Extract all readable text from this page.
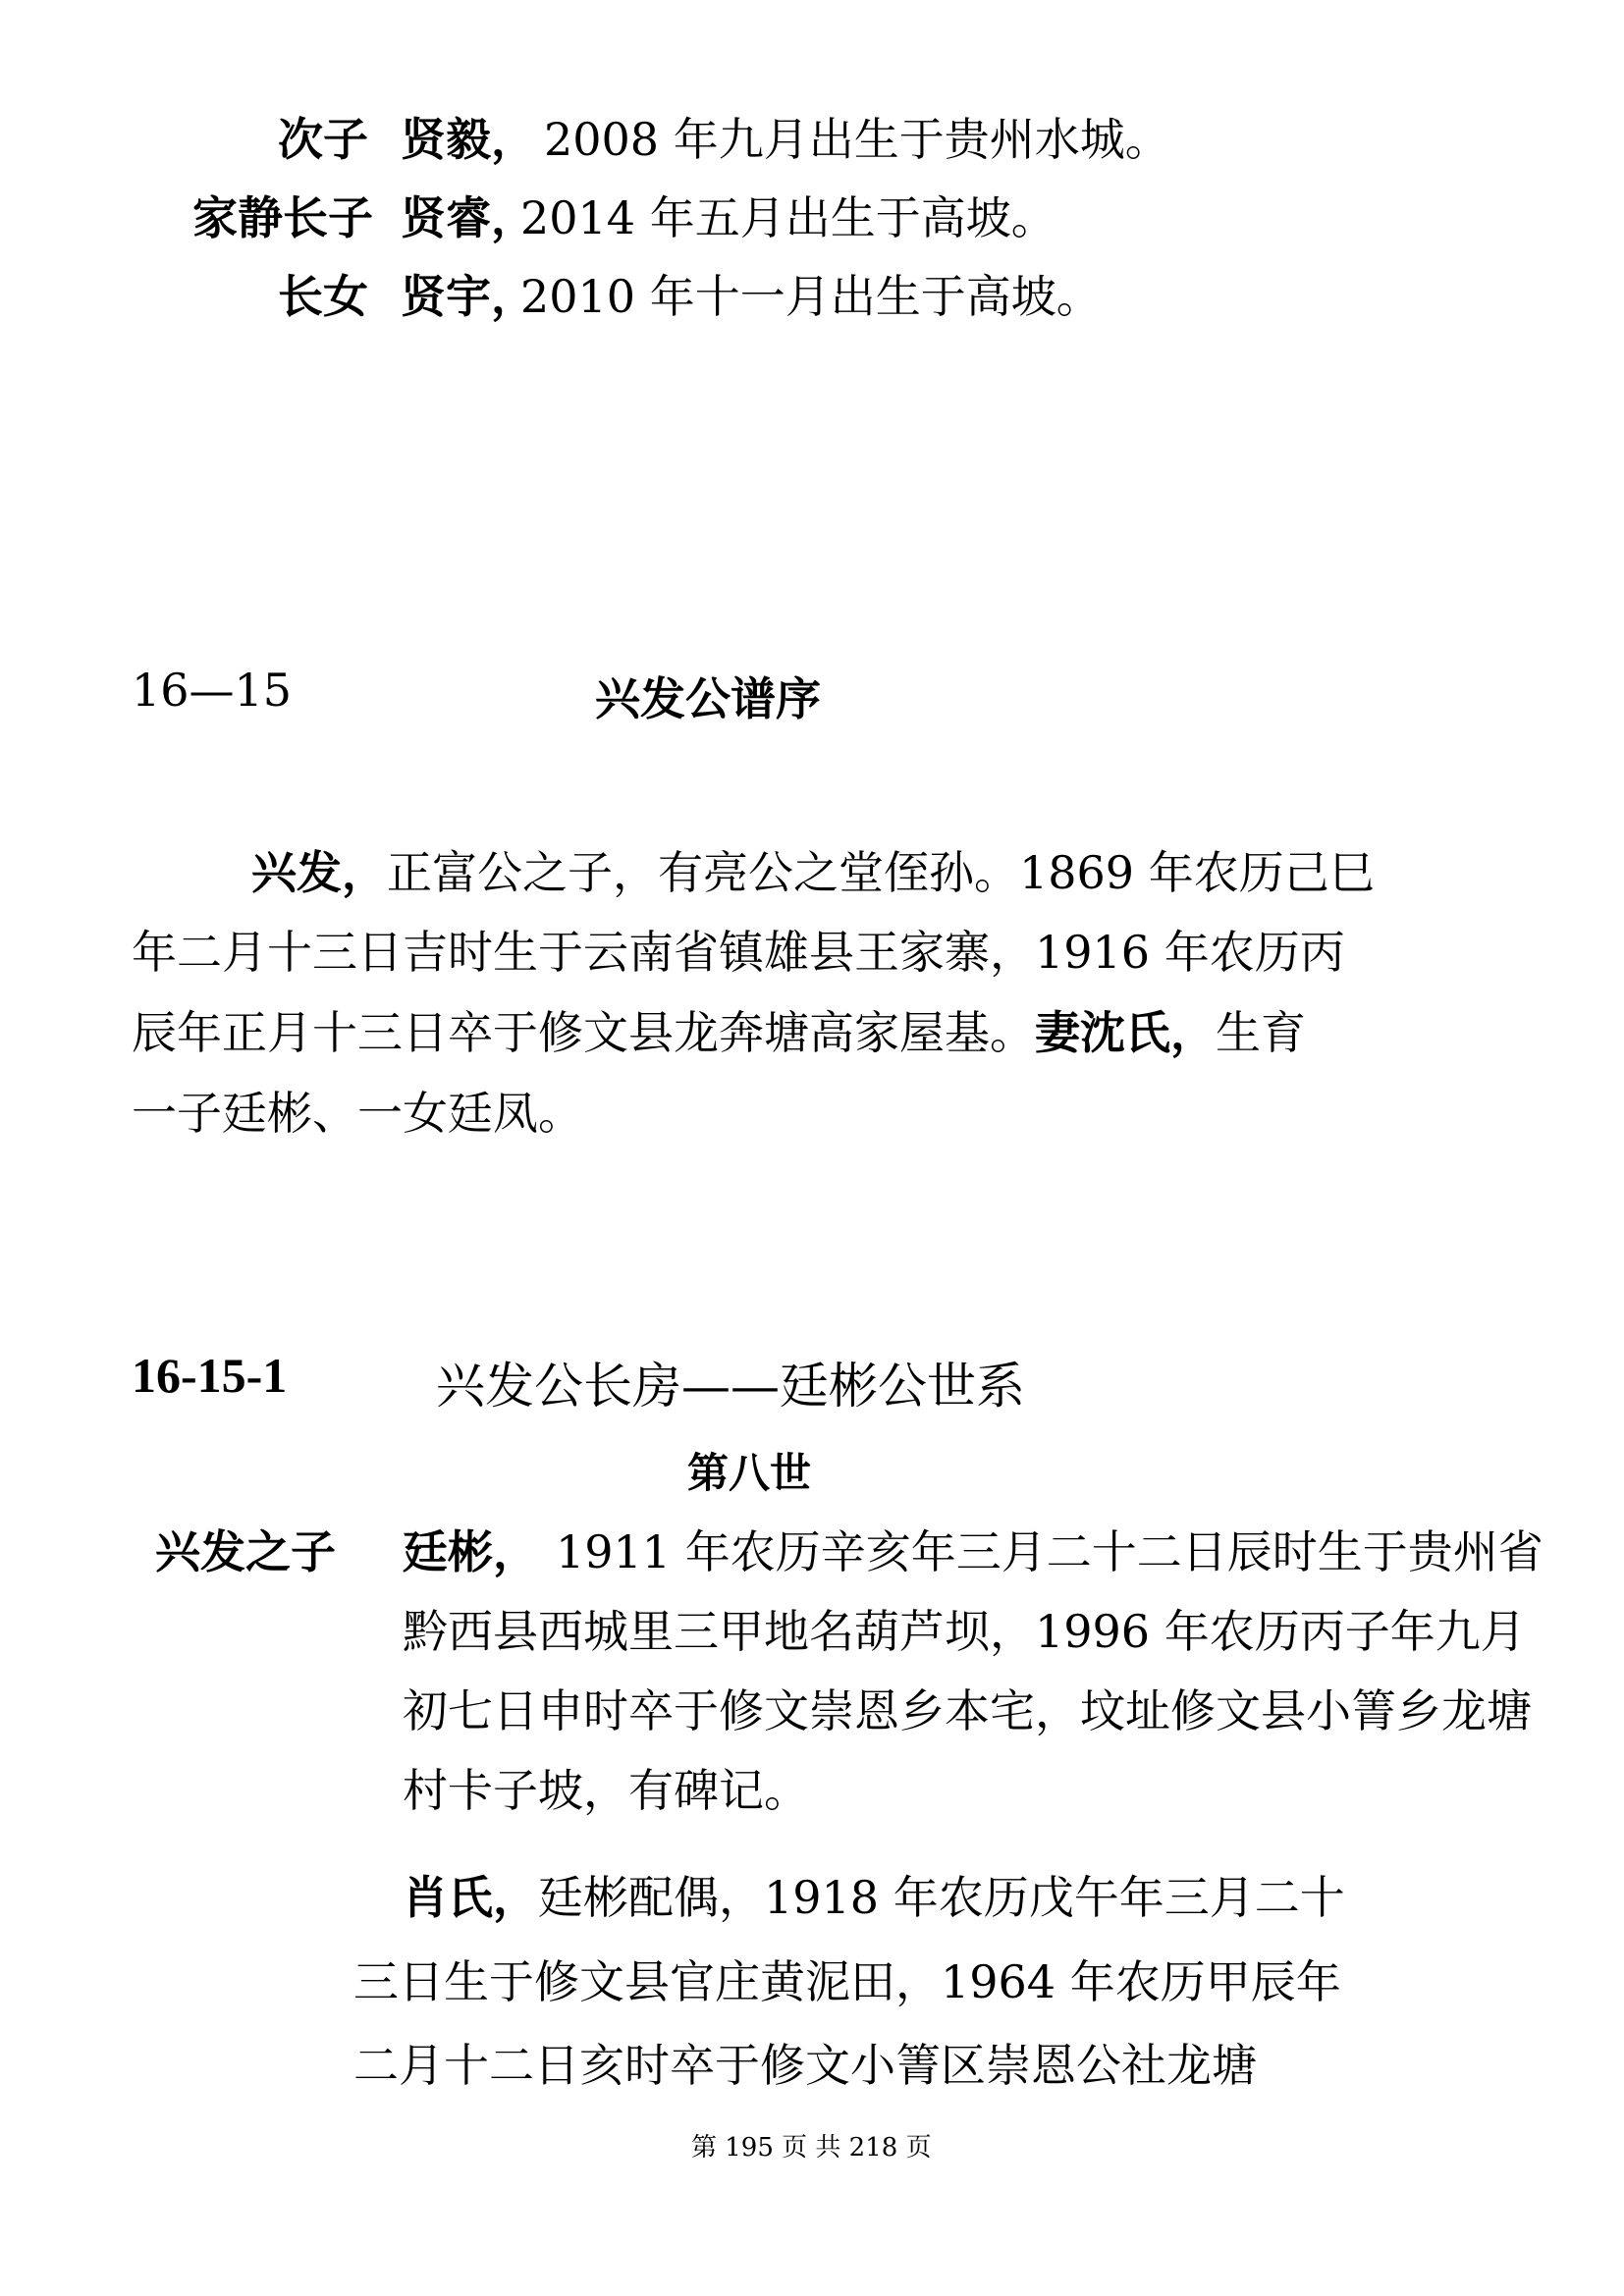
次子 贤毅， 2008 年九月出生于贵州水城。
家静长子 贤睿，
2014 年五月出生于高坡。
长女 贤宇，
2010 年十一月出生于高坡。
16—15	兴发公谱序
兴发，正富公之子，有亮公之堂侄孙。1869 年农历己巳
年二月十三日吉时生于云南省镇雄县王家寨，1916 年农历丙
辰年正月十三日卒于修文县龙奔塘高家屋基。妻沈氏，生育
一子廷彬、一女廷凤。
16-15-1	兴发公长房——廷彬公世系
第八世
兴发之子 廷彬， 1911 年农历辛亥年三月二十二日辰时生于贵州省
黔西县西城里三甲地名葫芦坝，1996 年农历丙子年九月
初七日申时卒于修文崇恩乡本宅，坟址修文县小箐乡龙塘
村卡子坡，有碑记。
肖氏，廷彬配偶，1918 年农历戊午年三月二十
三日生于修文县官庄黄泥田，1964 年农历甲辰年
二月十二日亥时卒于修文小箐区崇恩公社龙塘
第 195 页 共 218 页
